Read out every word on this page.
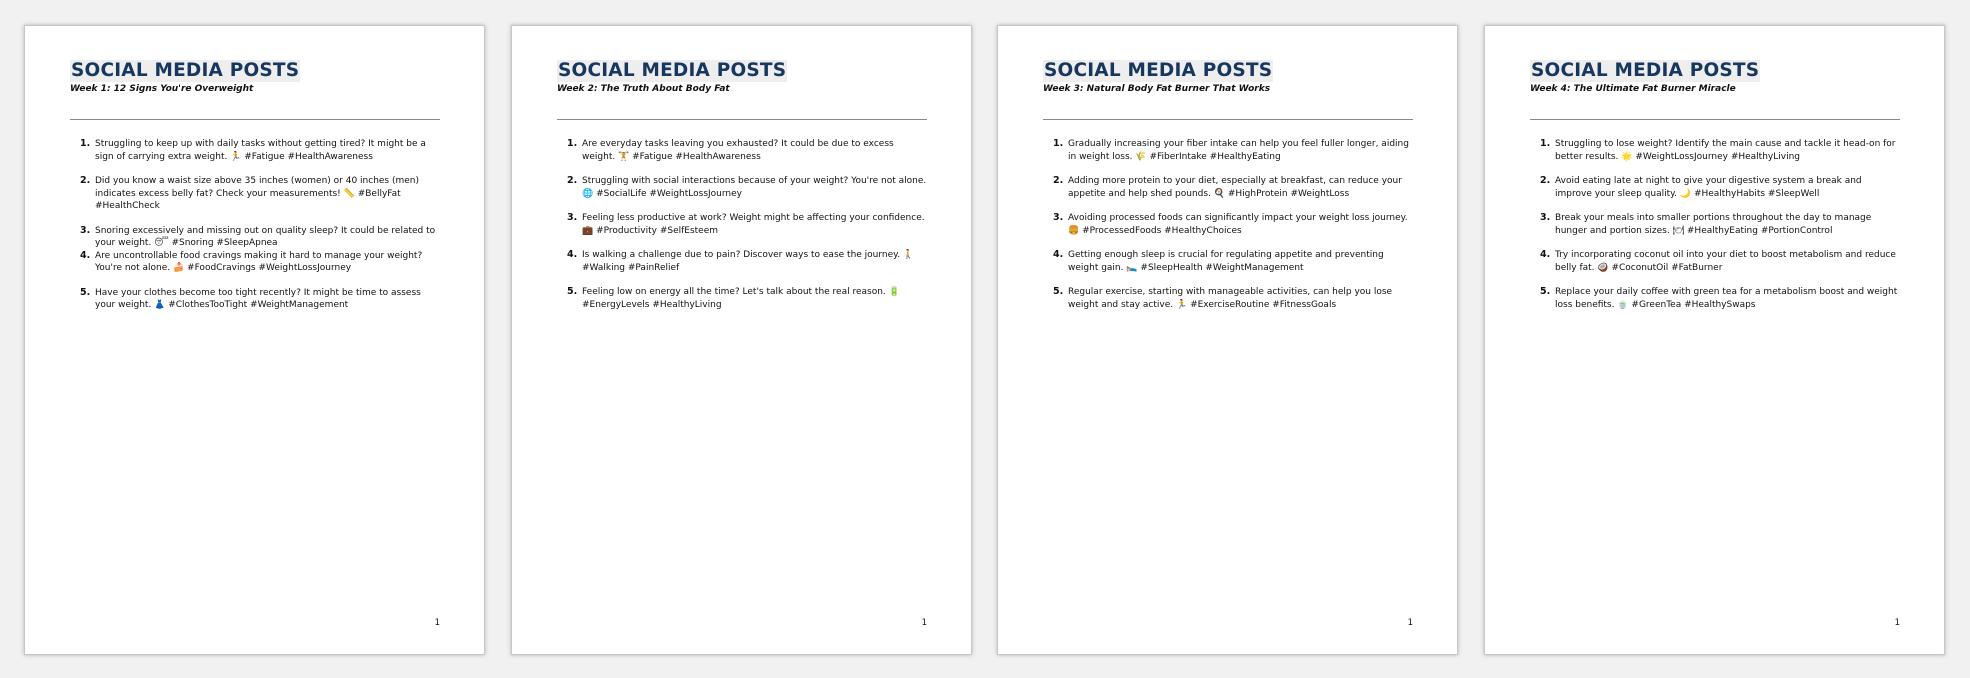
SOCIAL MEDIA POSTS
Week 1: 12 Signs You're Overweight
1. Struggling to keep up with daily tasks without getting tired? It might be a sign of carrying extra weight. 🏃 #Fatigue #HealthAwareness
2. Did you know a waist size above 35 inches (women) or 40 inches (men) indicates excess belly fat? Check your measurements! 📏 #BellyFat #HealthCheck
3. Snoring excessively and missing out on quality sleep? It could be related to your weight. 😴 #Snoring #SleepApnea
4. Are uncontrollable food cravings making it hard to manage your weight? You're not alone. 🍰 #FoodCravings #WeightLossJourney
5. Have your clothes become too tight recently? It might be time to assess your weight. 👗 #ClothesTooTight #WeightManagement
1
SOCIAL MEDIA POSTS
Week 2: The Truth About Body Fat
1. Are everyday tasks leaving you exhausted? It could be due to excess weight. 🏋 #Fatigue #HealthAwareness
2. Struggling with social interactions because of your weight? You're not alone. 🌐 #SocialLife #WeightLossJourney
3. Feeling less productive at work? Weight might be affecting your confidence. 💼 #Productivity #SelfEsteem
4. Is walking a challenge due to pain? Discover ways to ease the journey. 🚶 #Walking #PainRelief
5. Feeling low on energy all the time? Let's talk about the real reason. 🔋 #EnergyLevels #HealthyLiving
1
SOCIAL MEDIA POSTS
Week 3: Natural Body Fat Burner That Works
1. Gradually increasing your fiber intake can help you feel fuller longer, aiding in weight loss. 🌾 #FiberIntake #HealthyEating
2. Adding more protein to your diet, especially at breakfast, can reduce your appetite and help shed pounds. 🍳 #HighProtein #WeightLoss
3. Avoiding processed foods can significantly impact your weight loss journey. 🍔 #ProcessedFoods #HealthyChoices
4. Getting enough sleep is crucial for regulating appetite and preventing weight gain. 🛌 #SleepHealth #WeightManagement
5. Regular exercise, starting with manageable activities, can help you lose weight and stay active. 🏃 #ExerciseRoutine #FitnessGoals
1
SOCIAL MEDIA POSTS
Week 4: The Ultimate Fat Burner Miracle
1. Struggling to lose weight? Identify the main cause and tackle it head-on for better results. 🌟 #WeightLossJourney #HealthyLiving
2. Avoid eating late at night to give your digestive system a break and improve your sleep quality. 🌙 #HealthyHabits #SleepWell
3. Break your meals into smaller portions throughout the day to manage hunger and portion sizes. 🍽 #HealthyEating #PortionControl
4. Try incorporating coconut oil into your diet to boost metabolism and reduce belly fat. 🥥 #CoconutOil #FatBurner
5. Replace your daily coffee with green tea for a metabolism boost and weight loss benefits. 🍵 #GreenTea #HealthySwaps
1
